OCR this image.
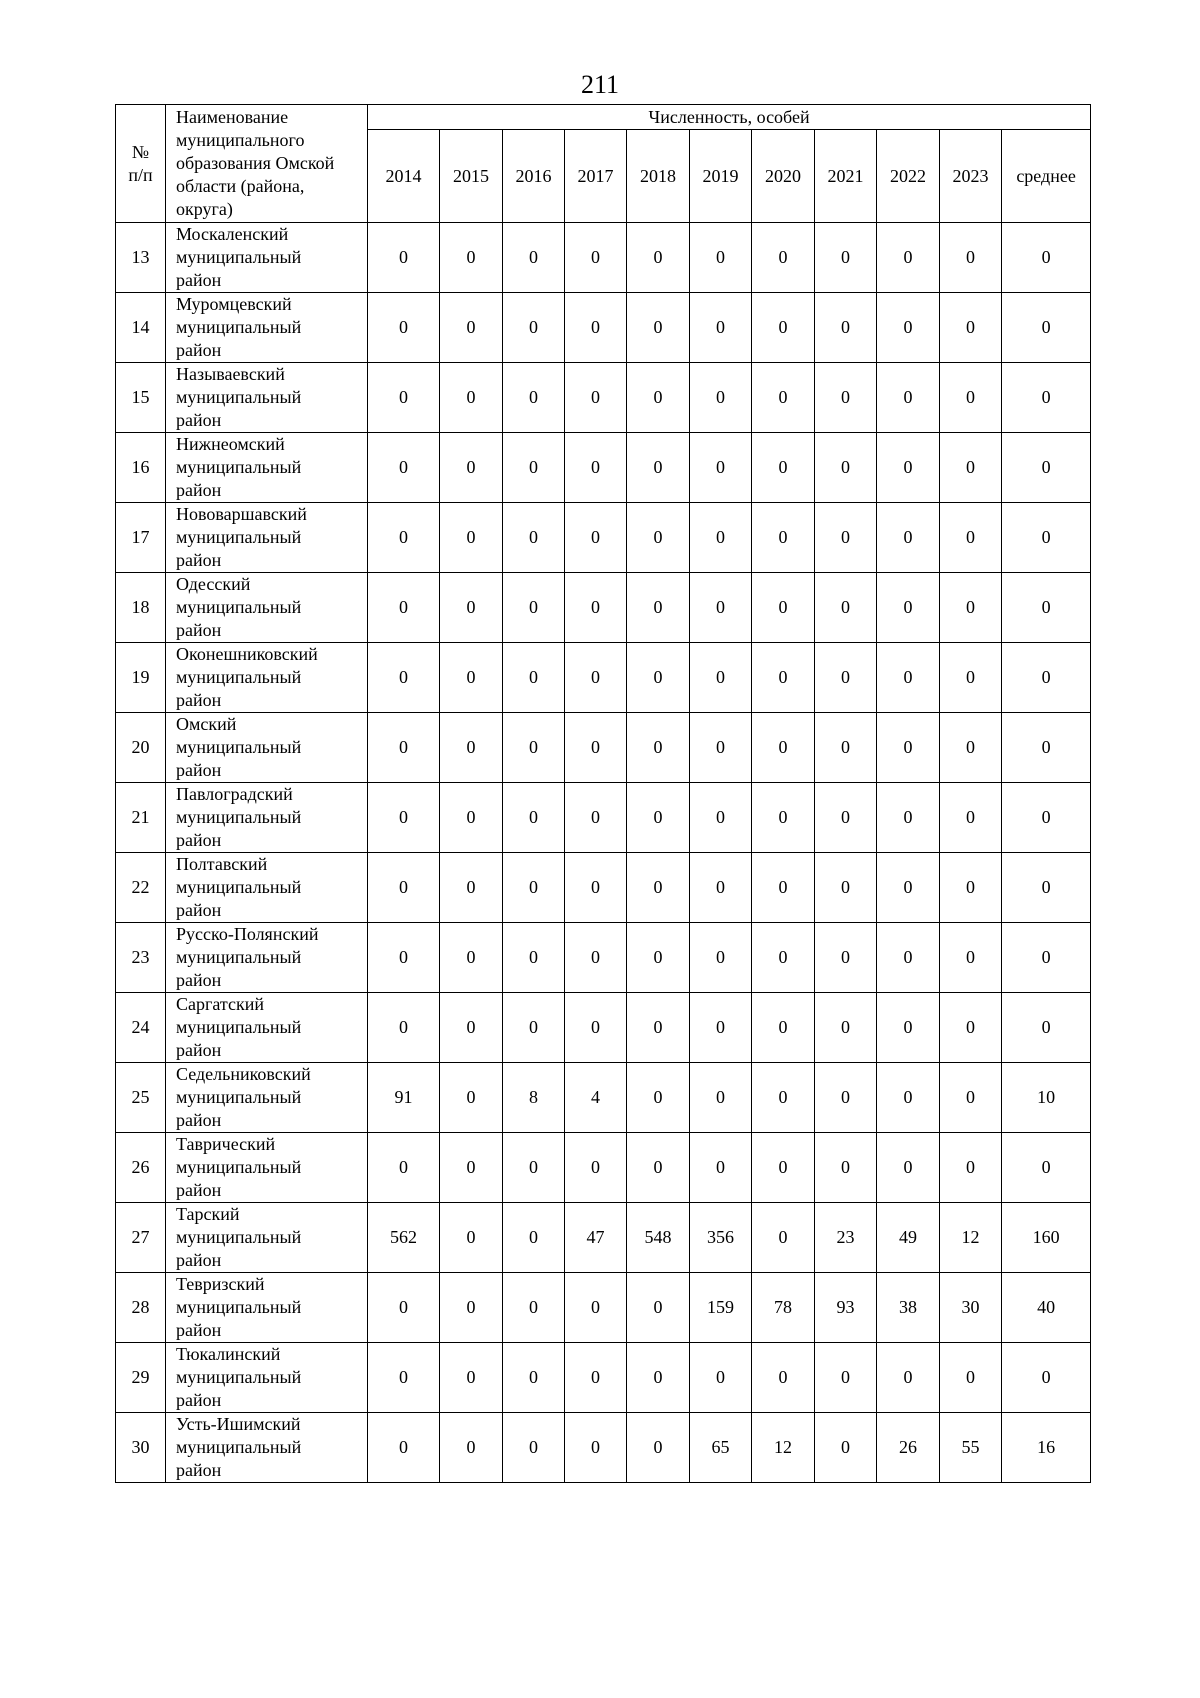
211
№
п/п	Наименование
муниципального
образования Омской
области (района,
округа)	Численность, особей										
		2014	2015	2016	2017	2018	2019	2020	2021	2022	2023	среднее
13	Москаленский
муниципальный
район	0	0	0	0	0	0	0	0	0	0	0
14	Муромцевский
муниципальный
район	0	0	0	0	0	0	0	0	0	0	0
15	Называевский
муниципальный
район	0	0	0	0	0	0	0	0	0	0	0
16	Нижнеомский
муниципальный
район	0	0	0	0	0	0	0	0	0	0	0
17	Нововаршавский
муниципальный
район	0	0	0	0	0	0	0	0	0	0	0
18	Одесский
муниципальный
район	0	0	0	0	0	0	0	0	0	0	0
19	Оконешниковский
муниципальный
район	0	0	0	0	0	0	0	0	0	0	0
20	Омский
муниципальный
район	0	0	0	0	0	0	0	0	0	0	0
21	Павлоградский
муниципальный
район	0	0	0	0	0	0	0	0	0	0	0
22	Полтавский
муниципальный
район	0	0	0	0	0	0	0	0	0	0	0
23	Русско-Полянский
муниципальный
район	0	0	0	0	0	0	0	0	0	0	0
24	Саргатский
муниципальный
район	0	0	0	0	0	0	0	0	0	0	0
25	Седельниковский
муниципальный
район	91	0	8	4	0	0	0	0	0	0	10
26	Таврический
муниципальный
район	0	0	0	0	0	0	0	0	0	0	0
27	Тарский
муниципальный
район	562	0	0	47	548	356	0	23	49	12	160
28	Тевризский
муниципальный
район	0	0	0	0	0	159	78	93	38	30	40
29	Тюкалинский
муниципальный
район	0	0	0	0	0	0	0	0	0	0	0
30	Усть-Ишимский
муниципальный
район	0	0	0	0	0	65	12	0	26	55	16
